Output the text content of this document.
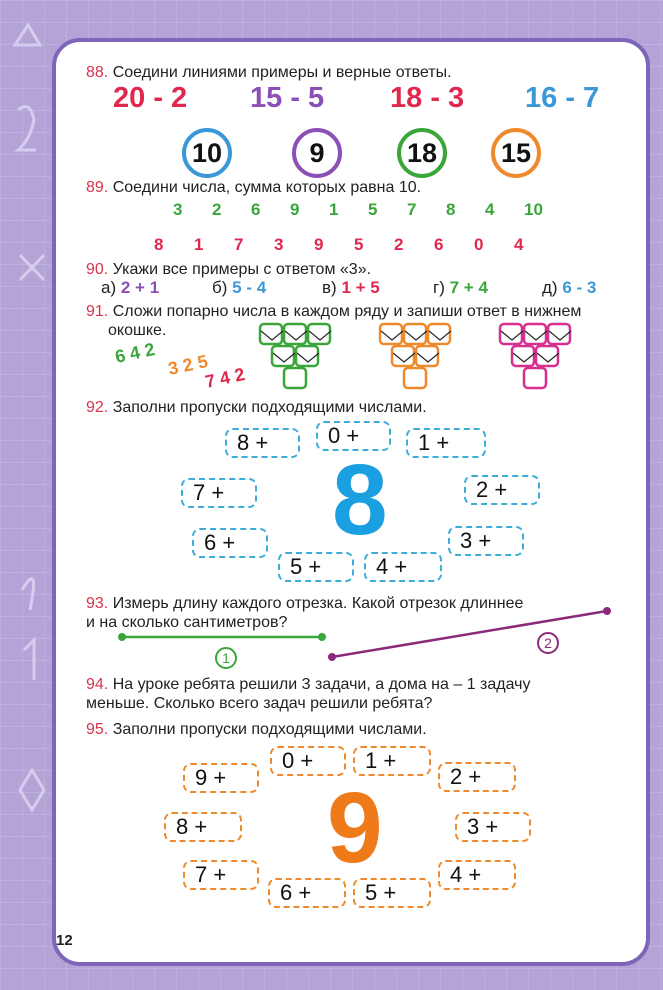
88. Соедини линиями примеры и верные ответы.
20 - 2 15 - 5 18 - 3 16 - 7
10	9	18	15
89. Соедини числа, сумма которых равна 10.
3 2 6 9 1 5 7 8 4 10
8 1 7 3 9 5 2 6 0 4
90. Укажи все примеры с ответом «3».
а) 2 + 1	б) 5 - 4	в) 1 + 5	г) 7 + 4	д) 6 - 3
91. Сложи попарно числа в каждом ряду и запиши ответ в нижнем
окошке.
6 4 2 3 2 5
7 4 2
92. Заполни пропуски подходящими числами.
8
8 +	0 +	1 +
7 +	2 +
6 +	3 +
5 +	4 +
93. Измерь длину каждого отрезка. Какой отрезок длиннее
и на сколько сантиметров?
1
2
94. На уроке ребята решили 3 задачи, а дома на – 1 задачу
меньше. Сколько всего задач решили ребята?
95. Заполни пропуски подходящими числами.
9
0 +	1 +
9 +	2 +
8 +	3 +
7 +	4 +
6 +	5 +
12
